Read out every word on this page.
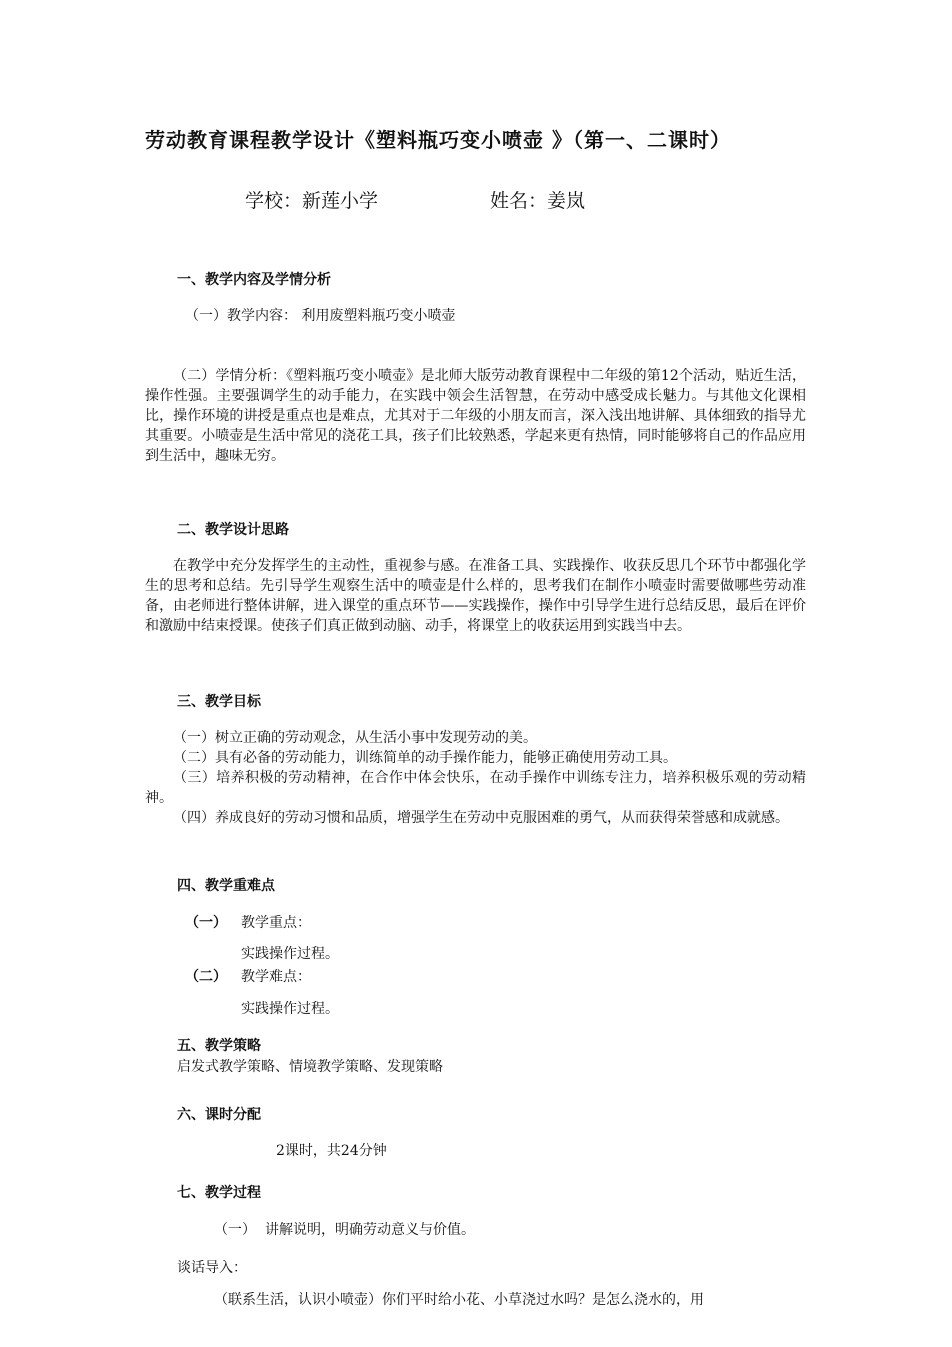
劳动教育课程教学设计《塑料瓶巧变小喷壶 》（第一、二课时）
学校：新莲小学	姓名：姜岚
一、教学内容及学情分析
（一）教学内容： 利用废塑料瓶巧变小喷壶
（二）学情分析：《塑料瓶巧变小喷壶》是北师大版劳动教育课程中二年级的第12个活动，贴近生活，操作性强。主要强调学生的动手能力，在实践中领会生活智慧，在劳动中感受成长魅力。与其他文化课相比，操作环境的讲授是重点也是难点，尤其对于二年级的小朋友而言，深入浅出地讲解、具体细致的指导尤其重要。小喷壶是生活中常见的浇花工具，孩子们比较熟悉，学起来更有热情，同时能够将自己的作品应用到生活中，趣味无穷。
二、教学设计思路
在教学中充分发挥学生的主动性，重视参与感。在准备工具、实践操作、收获反思几个环节中都强化学生的思考和总结。先引导学生观察生活中的喷壶是什么样的，思考我们在制作小喷壶时需要做哪些劳动准备，由老师进行整体讲解，进入课堂的重点环节——实践操作，操作中引导学生进行总结反思，最后在评价和激励中结束授课。使孩子们真正做到动脑、动手，将课堂上的收获运用到实践当中去。
三、教学目标
（一）树立正确的劳动观念，从生活小事中发现劳动的美。
（二）具有必备的劳动能力，训练简单的动手操作能力，能够正确使用劳动工具。
（三）培养积极的劳动精神，在合作中体会快乐，在动手操作中训练专注力，培养积极乐观的劳动精神。
（四）养成良好的劳动习惯和品质，增强学生在劳动中克服困难的勇气，从而获得荣誉感和成就感。
四、教学重难点
（一） 教学重点：
实践操作过程。
（二） 教学难点：
实践操作过程。
五、教学策略
启发式教学策略、情境教学策略、发现策略
六、课时分配
2课时，共24分钟
七、教学过程
（一） 讲解说明，明确劳动意义与价值。
谈话导入：
（联系生活，认识小喷壶）你们平时给小花、小草浇过水吗？是怎么浇水的，用
